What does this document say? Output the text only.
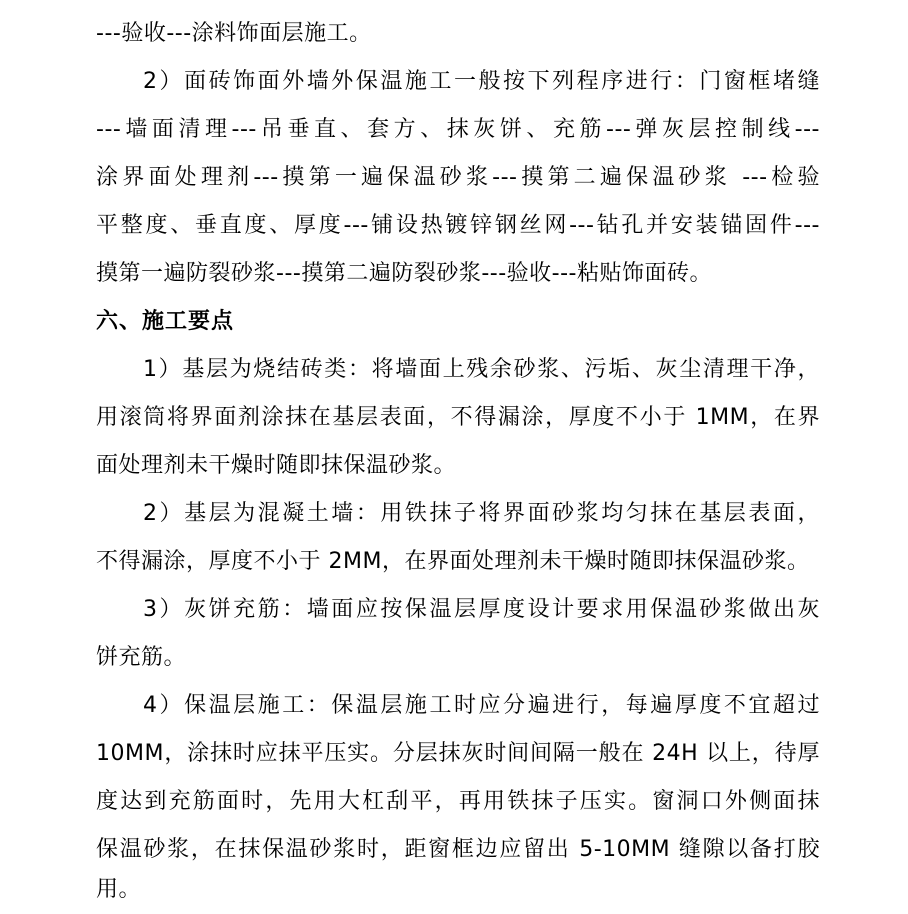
---验收---涂料饰面层施工。
2）面砖饰面外墙外保温施工一般按下列程序进行：门窗框堵缝
---墙面清理---吊垂直、套方、抹灰饼、充筋---弹灰层控制线---
涂界面处理剂---摸第一遍保温砂浆---摸第二遍保温砂浆 ---检验
平整度、垂直度、厚度---铺设热镀锌钢丝网---钻孔并安装锚固件---
摸第一遍防裂砂浆---摸第二遍防裂砂浆---验收---粘贴饰面砖。
六、施工要点
1）基层为烧结砖类：将墙面上残余砂浆、污垢、灰尘清理干净，
用滚筒将界面剂涂抹在基层表面，不得漏涂，厚度不小于 1MM，在界
面处理剂未干燥时随即抹保温砂浆。
2）基层为混凝土墙：用铁抹子将界面砂浆均匀抹在基层表面，
不得漏涂，厚度不小于 2MM，在界面处理剂未干燥时随即抹保温砂浆。
3）灰饼充筋：墙面应按保温层厚度设计要求用保温砂浆做出灰
饼充筋。
4）保温层施工：保温层施工时应分遍进行，每遍厚度不宜超过
10MM，涂抹时应抹平压实。分层抹灰时间间隔一般在 24H 以上，待厚
度达到充筋面时，先用大杠刮平，再用铁抹子压实。窗洞口外侧面抹
保温砂浆，在抹保温砂浆时，距窗框边应留出 5-10MM 缝隙以备打胶
用。
